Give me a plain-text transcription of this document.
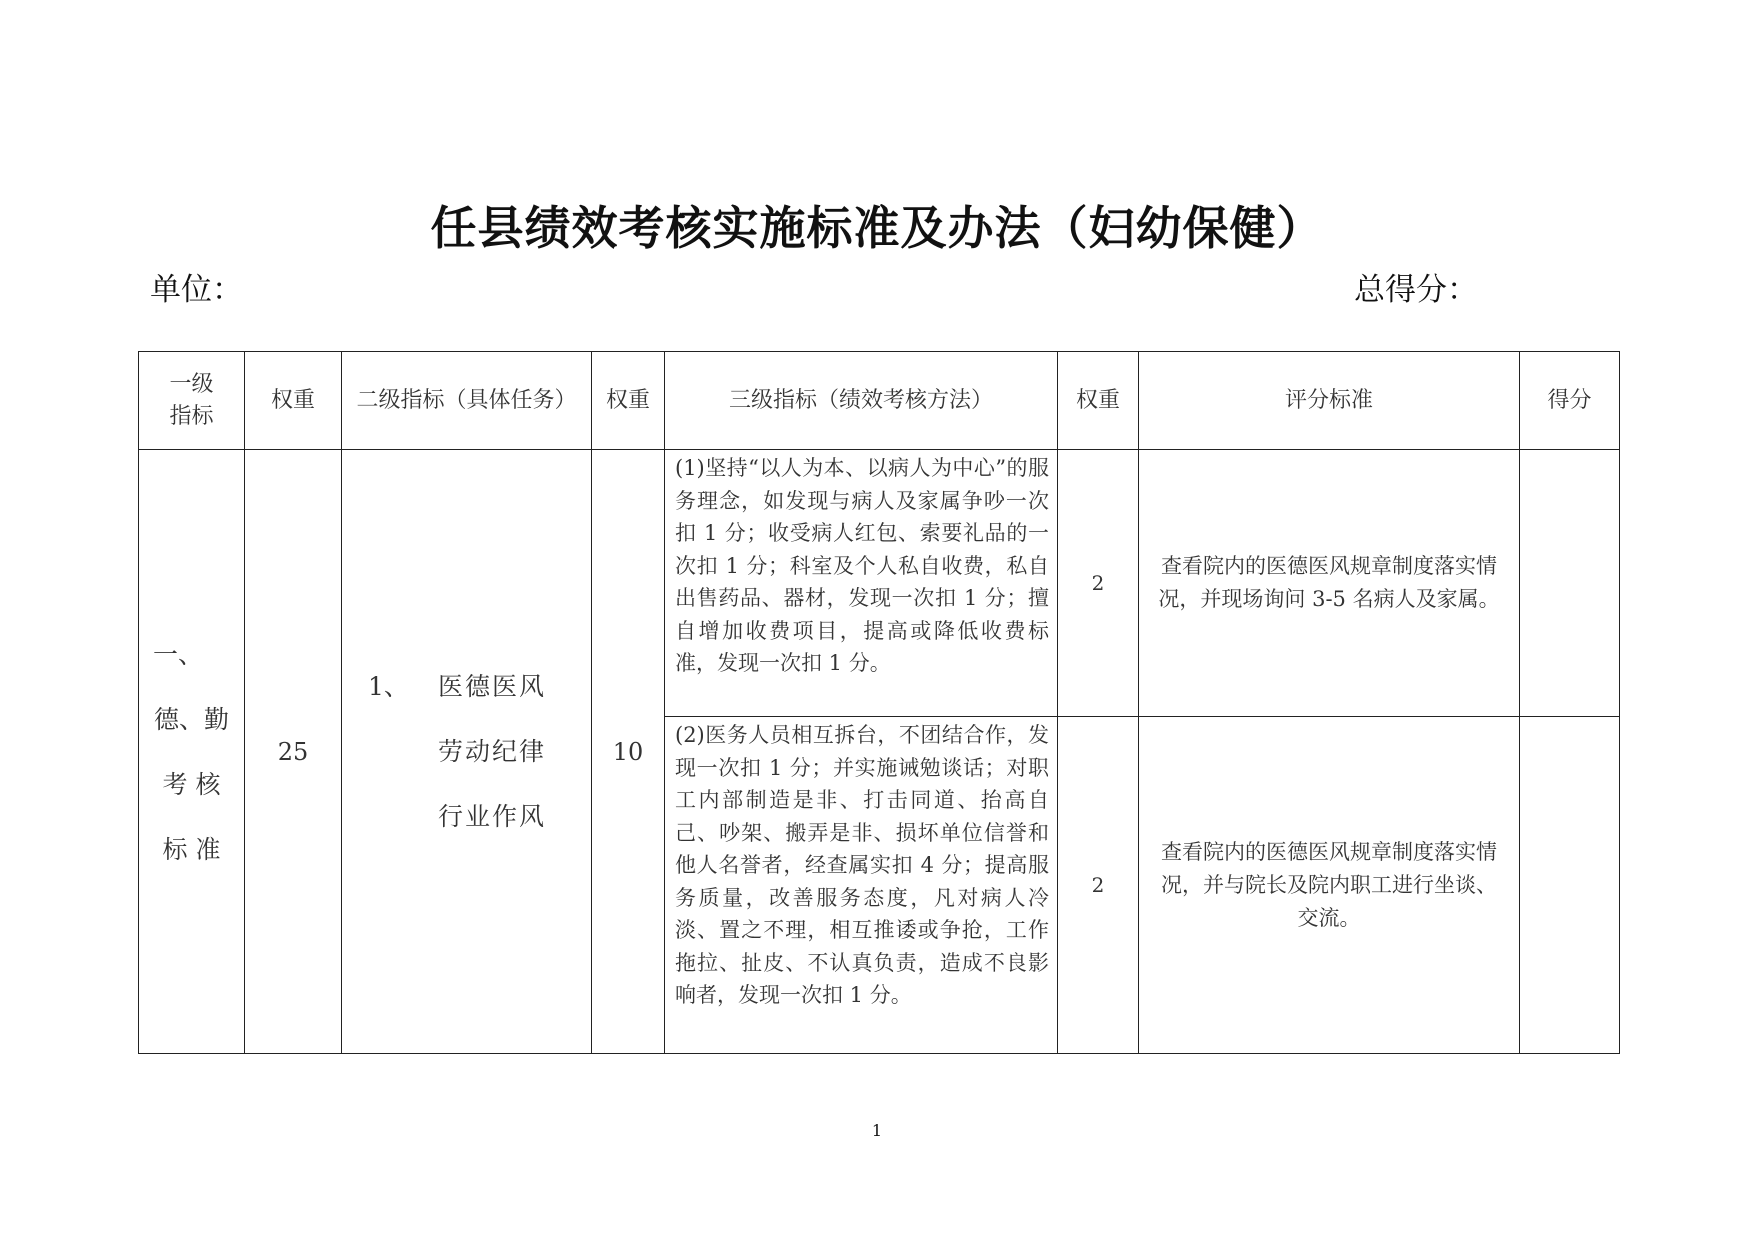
任县绩效考核实施标准及办法（妇幼保健）
单位：	总得分：
一级
指标	权重	二级指标（具体任务）	权重	三级指标（绩效考核方法）	权重	评分标准	得分

一、
德、勤
考 核
标 准	25	1、 医德医风
劳动纪律
行业作风	10	(1)坚持“以人为本、以病人为中心”的服务理念，如发现与病人及家属争吵一次扣 1 分；收受病人红包、索要礼品的一次扣 1 分；科室及个人私自收费，私自出售药品、器材，发现一次扣 1 分；擅自增加收费项目，提高或降低收费标准，发现一次扣 1 分。	2	查看院内的医德医风规章制度落实情况，并现场询问 3-5 名病人及家属。	
				(2)医务人员相互拆台，不团结合作，发现一次扣 1 分；并实施诫勉谈话；对职工内部制造是非、打击同道、抬高自己、吵架、搬弄是非、损坏单位信誉和他人名誉者，经查属实扣 4 分；提高服务质量，改善服务态度，凡对病人冷淡、置之不理，相互推诿或争抢，工作拖拉、扯皮、不认真负责，造成不良影响者，发现一次扣 1 分。	2	查看院内的医德医风规章制度落实情况，并与院长及院内职工进行坐谈、交流。	
1
